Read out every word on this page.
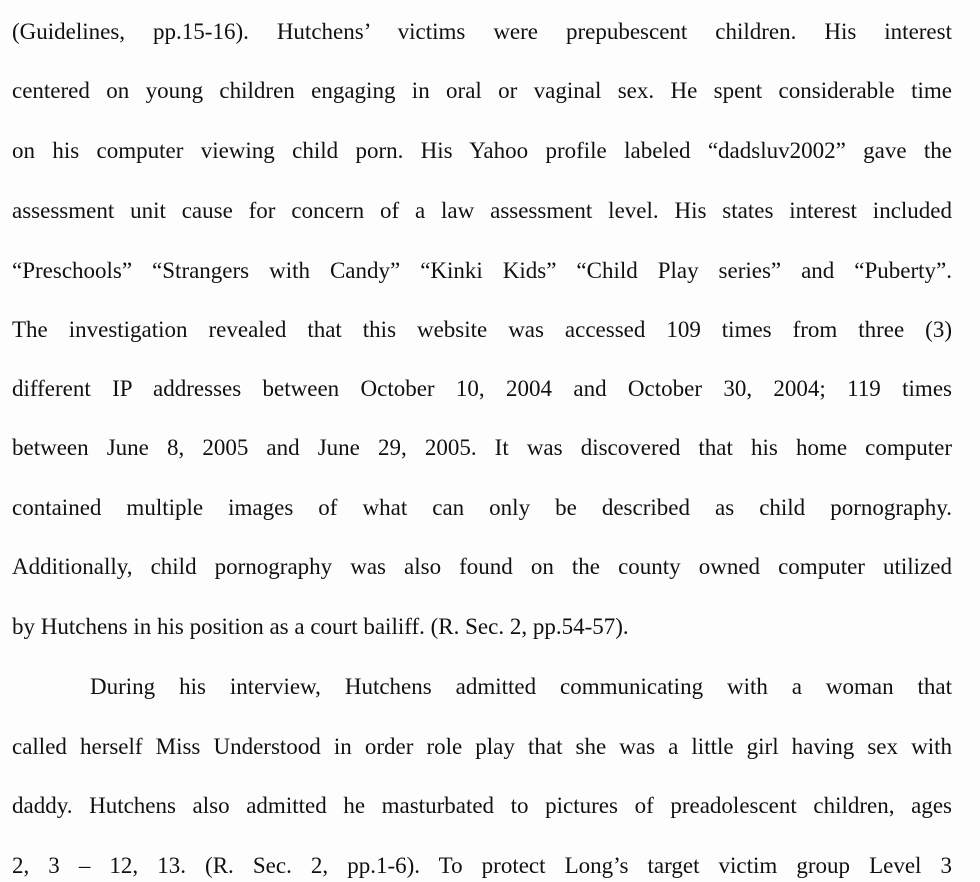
(Guidelines, pp.15-16). Hutchens’ victims were prepubescent children. His interest
centered on young children engaging in oral or vaginal sex. He spent considerable time
on his computer viewing child porn. His Yahoo profile labeled “dadsluv2002” gave the
assessment unit cause for concern of a law assessment level. His states interest included
“Preschools” “Strangers with Candy” “Kinki Kids” “Child Play series” and “Puberty”.
The investigation revealed that this website was accessed 109 times from three (3)
different IP addresses between October 10, 2004 and October 30, 2004; 119 times
between June 8, 2005 and June 29, 2005. It was discovered that his home computer
contained multiple images of what can only be described as child pornography.
Additionally, child pornography was also found on the county owned computer utilized
by Hutchens in his position as a court bailiff. (R. Sec. 2, pp.54-57).
During his interview, Hutchens admitted communicating with a woman that
called herself Miss Understood in order role play that she was a little girl having sex with
daddy. Hutchens also admitted he masturbated to pictures of preadolescent children, ages
2, 3 – 12, 13. (R. Sec. 2, pp.1-6). To protect Long’s target victim group Level 3
